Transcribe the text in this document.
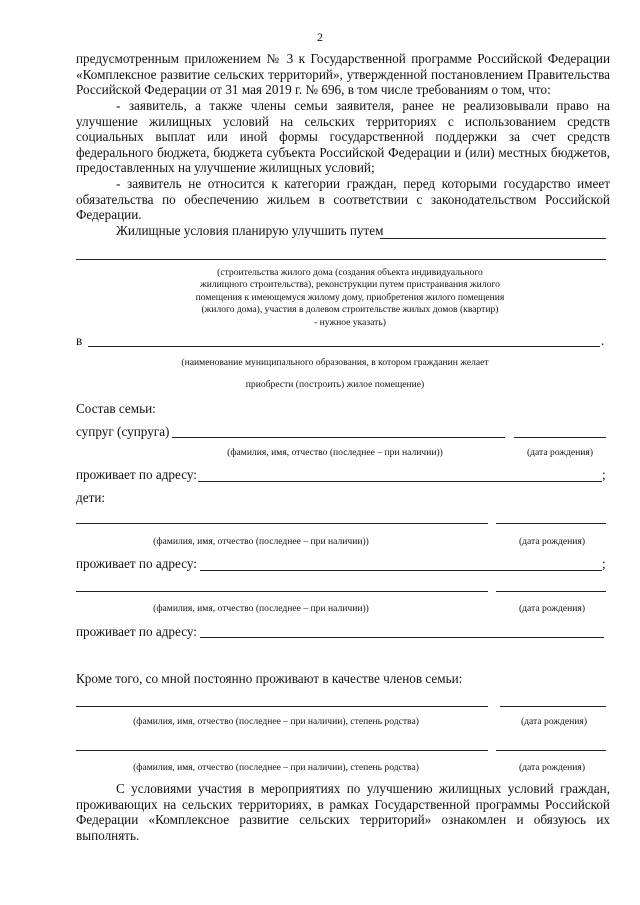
2
предусмотренным приложением № 3 к Государственной программе Российской Федерации «Комплексное развитие сельских территорий», утвержденной постановлением Правительства Российской Федерации от 31 мая 2019 г. № 696, в том числе требованиям о том, что:
- заявитель, а также члены семьи заявителя, ранее не реализовывали право на улучшение жилищных условий на сельских территориях с использованием средств социальных выплат или иной формы государственной поддержки за счет средств федерального бюджета, бюджета субъекта Российской Федерации и (или) местных бюджетов, предоставленных на улучшение жилищных условий;
- заявитель не относится к категории граждан, перед которыми государство имеет обязательства по обеспечению жильем в соответствии с законодательством Российской Федерации.
Жилищные условия планирую улучшить путем
(строительства жилого дома (создания объекта индивидуального
жилищного строительства), реконструкции путем пристраивания жилого
помещения к имеющемуся жилому дому, приобретения жилого помещения
(жилого дома), участия в долевом строительстве жилых домов (квартир)
- нужное указать)
в	.
(наименование муниципального образования, в котором гражданин желает
приобрести (построить) жилое помещение)
Состав семьи:
супруг (супруга)
(фамилия, имя, отчество (последнее – при наличии))	(дата рождения)
проживает по адресу:	;
дети:
(фамилия, имя, отчество (последнее – при наличии))	(дата рождения)
проживает по адресу:	;
(фамилия, имя, отчество (последнее – при наличии))	(дата рождения)
проживает по адресу:
Кроме того, со мной постоянно проживают в качестве членов семьи:
(фамилия, имя, отчество (последнее – при наличии), степень родства)	(дата рождения)
(фамилия, имя, отчество (последнее – при наличии), степень родства)	(дата рождения)
С условиями участия в мероприятиях по улучшению жилищных условий граждан, проживающих на сельских территориях, в рамках Государственной программы Российской Федерации «Комплексное развитие сельских территорий» ознакомлен и обязуюсь их выполнять.
